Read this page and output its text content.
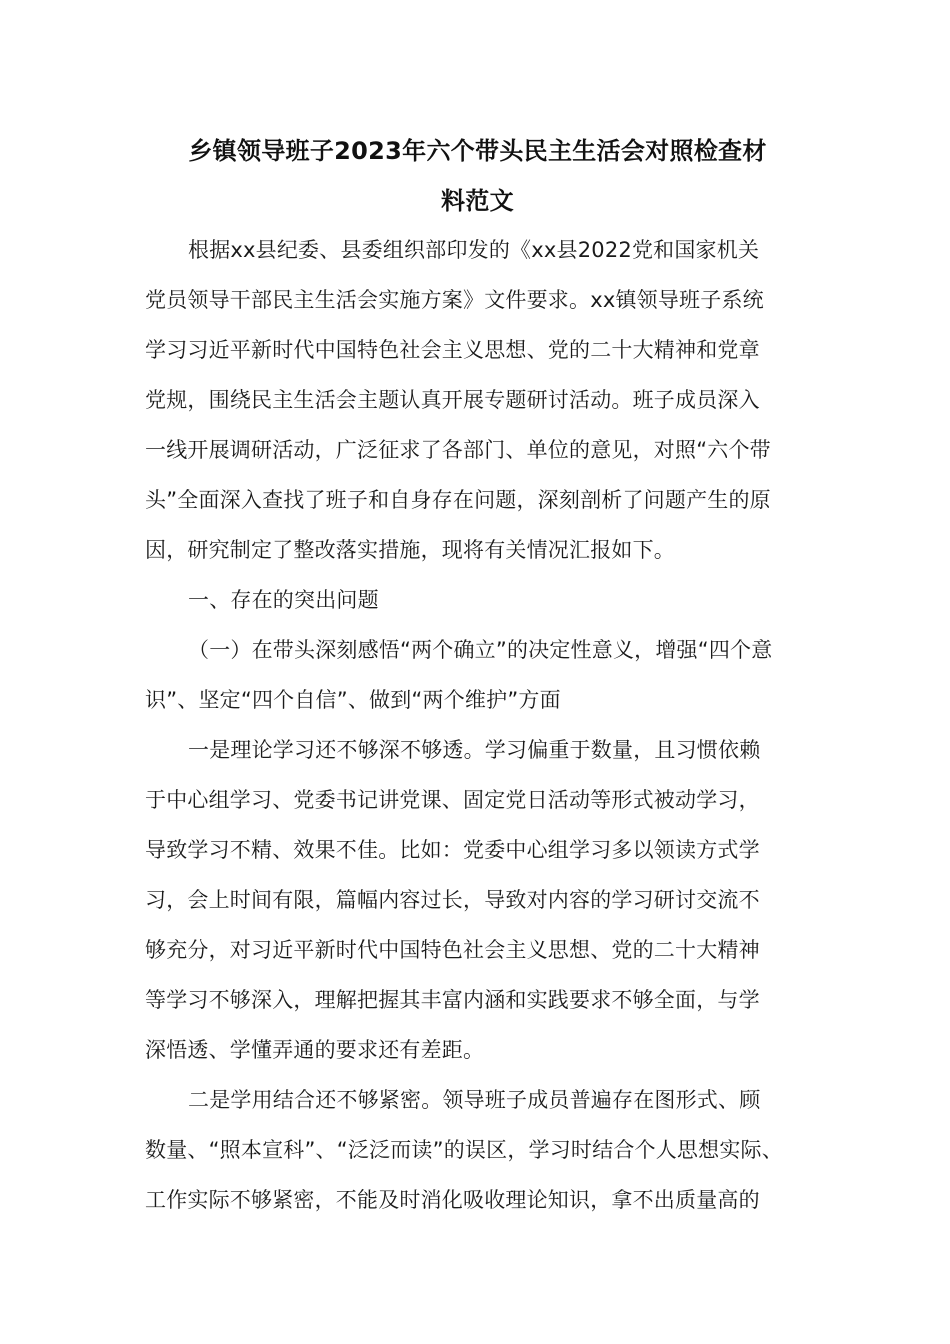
乡镇领导班子2023年六个带头民主生活会对照检查材
料范文

根据xx县纪委、县委组织部印发的《xx县2022党和国家机关
党员领导干部民主生活会实施方案》文件要求。xx镇领导班子系统
学习习近平新时代中国特色社会主义思想、党的二十大精神和党章
党规，围绕民主生活会主题认真开展专题研讨活动。班子成员深入
一线开展调研活动，广泛征求了各部门、单位的意见，对照“六个带
头”全面深入查找了班子和自身存在问题，深刻剖析了问题产生的原
因，研究制定了整改落实措施，现将有关情况汇报如下。

一、存在的突出问题

（一）在带头深刻感悟“两个确立”的决定性意义，增强“四个意
识”、坚定“四个自信”、做到“两个维护”方面

一是理论学习还不够深不够透。学习偏重于数量，且习惯依赖
于中心组学习、党委书记讲党课、固定党日活动等形式被动学习，
导致学习不精、效果不佳。比如：党委中心组学习多以领读方式学
习，会上时间有限，篇幅内容过长，导致对内容的学习研讨交流不
够充分，对习近平新时代中国特色社会主义思想、党的二十大精神
等学习不够深入，理解把握其丰富内涵和实践要求不够全面，与学
深悟透、学懂弄通的要求还有差距。

二是学用结合还不够紧密。领导班子成员普遍存在图形式、顾
数量、“照本宣科”、“泛泛而读”的误区，学习时结合个人思想实际、
工作实际不够紧密，不能及时消化吸收理论知识，拿不出质量高的
